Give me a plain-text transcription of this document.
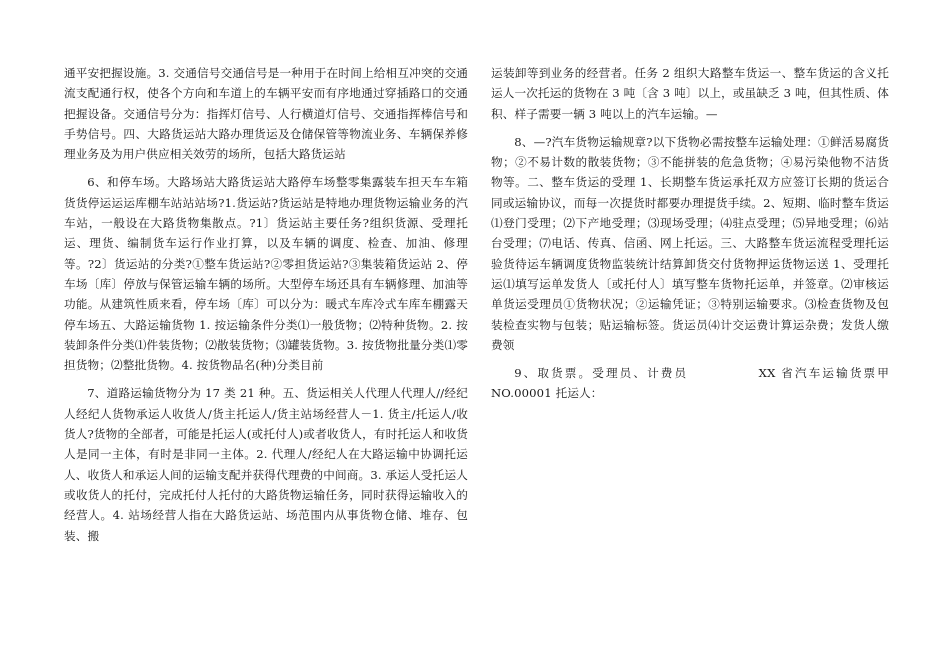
通平安把握设施。3. 交通信号交通信号是一种用于在时间上给相互冲突的交通流支配通行权，使各个方向和车道上的车辆平安而有序地通过穿插路口的交通把握设备。交通信号分为：指挥灯信号、人行横道灯信号、交通指挥棒信号和手势信号。四、大路货运站大路办理货运及仓储保管等物流业务、车辆保养修理业务及为用户供应相关效劳的场所，包括大路货运站

6、和停车场。大路场站大路货运站大路停车场整零集露装车担天车车箱货货停运运运库棚车站站站场?1.货运站?货运站是特地办理货物运输业务的汽车站，一般设在大路货物集散点。?1〕货运站主要任务?组织货源、受理托运、理货、编制货车运行作业打算，以及车辆的调度、检查、加油、修理等。?2〕货运站的分类?①整车货运站?②零担货运站?③集装箱货运站 2、停车场〔库〕停放与保管运输车辆的场所。大型停车场还具有车辆修理、加油等功能。从建筑性质来看，停车场〔库〕可以分为：暖式车库冷式车库车棚露天停车场五、大路运输货物 1. 按运输条件分类⑴一般货物；⑵特种货物。2. 按装卸条件分类⑴件装货物；⑵散装货物；⑶罐装货物。3. 按货物批量分类⑴零担货物；⑵整批货物。4. 按货物品名(种)分类目前

7、道路运输货物分为 17 类 21 种。五、货运相关人代理人代理人//经纪人经纪人货物承运人收货人/货主托运人/货主站场经营人－1. 货主/托运人/收货人?货物的全部者，可能是托运人(或托付人)或者收货人，有时托运人和收货人是同一主体，有时是非同一主体。2. 代理人/经纪人在大路运输中协调托运人、收货人和承运人间的运输支配并获得代理费的中间商。3. 承运人受托运人或收货人的托付，完成托付人托付的大路货物运输任务，同时获得运输收入的经营人。4. 站场经营人指在大路货运站、场范围内从事货物仓储、堆存、包装、搬

运装卸等到业务的经营者。任务 2 组织大路整车货运一、整车货运的含义托运人一次托运的货物在 3 吨〔含 3 吨〕以上，或虽缺乏 3 吨，但其性质、体积、样子需要一辆 3 吨以上的汽车运输。—

8、—?汽车货物运输规章?以下货物必需按整车运输处理：①鲜活易腐货物；②不易计数的散装货物；③不能拼装的危急货物；④易污染他物不洁货物等。二、整车货运的受理 1、长期整车货运承托双方应签订长期的货运合同或运输协议，而每一次提货时都要办理提货手续。2、短期、临时整车货运⑴登门受理；⑵下产地受理；⑶现场受理；⑷驻点受理；⑸异地受理；⑹站台受理；⑺电话、传真、信函、网上托运。三、大路整车货运流程受理托运验货待运车辆调度货物监装统计结算卸货交付货物押运货物运送 1、受理托运⑴填写运单发货人〔或托付人〕填写整车货物托运单，并签章。⑵审核运单货运受理员①货物状况；②运输凭证；③特别运输要求。⑶检查货物及包装检查实物与包装；贴运输标签。货运员⑷计交运费计算运杂费；发货人缴费领

9、取货票。受理员、计费员      XX 省汽车运输货票甲 NO.00001 托运人：
